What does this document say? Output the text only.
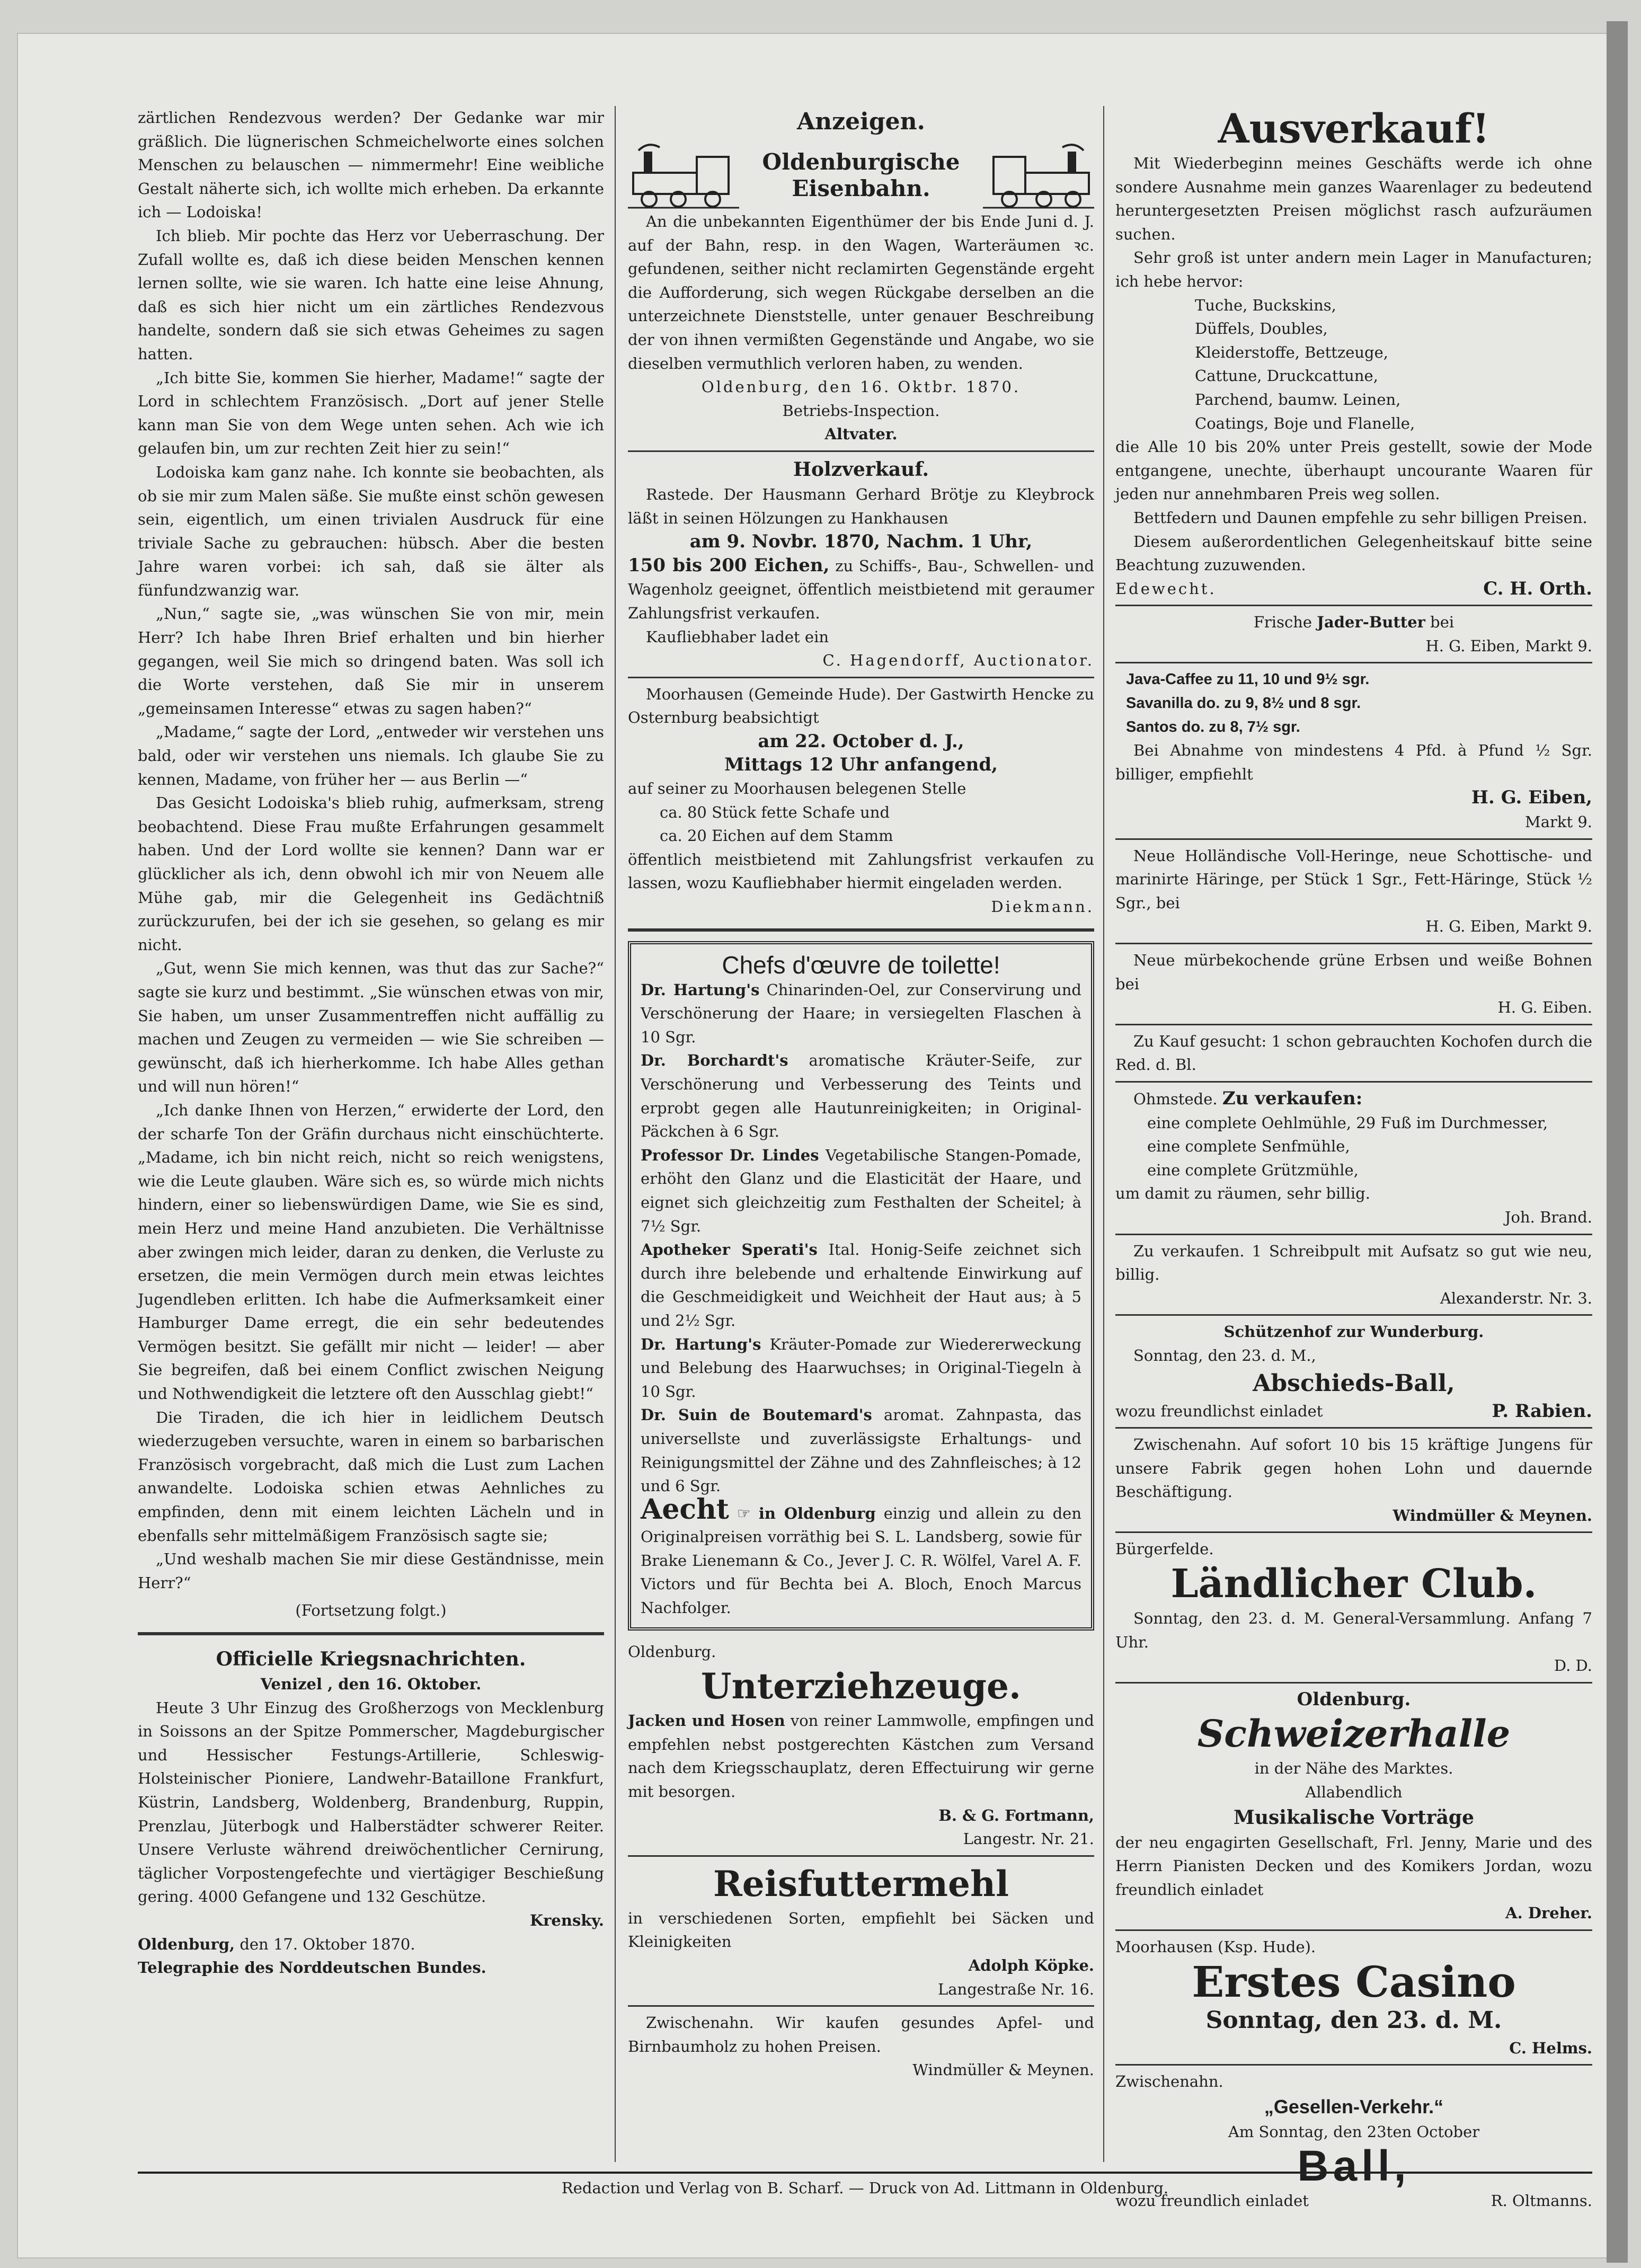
zärtlichen Rendezvous werden? Der Gedanke war mir gräßlich. Die lügnerischen Schmeichelworte eines solchen Menschen zu belauschen — nimmermehr! Eine weibliche Gestalt näherte sich, ich wollte mich erheben. Da erkannte ich — Lodoiska!

Ich blieb. Mir pochte das Herz vor Ueberraschung. Der Zufall wollte es, daß ich diese beiden Menschen kennen lernen sollte, wie sie waren. Ich hatte eine leise Ahnung, daß es sich hier nicht um ein zärtliches Rendezvous handelte, sondern daß sie sich etwas Geheimes zu sagen hatten.

„Ich bitte Sie, kommen Sie hierher, Madame!“ sagte der Lord in schlechtem Französisch. „Dort auf jener Stelle kann man Sie von dem Wege unten sehen. Ach wie ich gelaufen bin, um zur rechten Zeit hier zu sein!“

Lodoiska kam ganz nahe. Ich konnte sie beobachten, als ob sie mir zum Malen säße. Sie mußte einst schön gewesen sein, eigentlich, um einen trivialen Ausdruck für eine triviale Sache zu gebrauchen: hübsch. Aber die besten Jahre waren vorbei: ich sah, daß sie älter als fünfundzwanzig war.

„Nun,“ sagte sie, „was wünschen Sie von mir, mein Herr? Ich habe Ihren Brief erhalten und bin hierher gegangen, weil Sie mich so dringend baten. Was soll ich die Worte verstehen, daß Sie mir in unserem „gemeinsamen Interesse“ etwas zu sagen haben?“

„Madame,“ sagte der Lord, „entweder wir verstehen uns bald, oder wir verstehen uns niemals. Ich glaube Sie zu kennen, Madame, von früher her — aus Berlin —“

Das Gesicht Lodoiska's blieb ruhig, aufmerksam, streng beobachtend. Diese Frau mußte Erfahrungen gesammelt haben. Und der Lord wollte sie kennen? Dann war er glücklicher als ich, denn obwohl ich mir von Neuem alle Mühe gab, mir die Gelegenheit ins Gedächtniß zurückzurufen, bei der ich sie gesehen, so gelang es mir nicht.

„Gut, wenn Sie mich kennen, was thut das zur Sache?“ sagte sie kurz und bestimmt. „Sie wünschen etwas von mir, Sie haben, um unser Zusammentreffen nicht auffällig zu machen und Zeugen zu vermeiden — wie Sie schreiben — gewünscht, daß ich hierherkomme. Ich habe Alles gethan und will nun hören!“

„Ich danke Ihnen von Herzen,“ erwiderte der Lord, den der scharfe Ton der Gräfin durchaus nicht einschüchterte. „Madame, ich bin nicht reich, nicht so reich wenigstens, wie die Leute glauben. Wäre sich es, so würde mich nichts hindern, einer so liebenswürdigen Dame, wie Sie es sind, mein Herz und meine Hand anzubieten. Die Verhältnisse aber zwingen mich leider, daran zu denken, die Verluste zu ersetzen, die mein Vermögen durch mein etwas leichtes Jugendleben erlitten. Ich habe die Aufmerksamkeit einer Hamburger Dame erregt, die ein sehr bedeutendes Vermögen besitzt. Sie gefällt mir nicht — leider! — aber Sie begreifen, daß bei einem Conflict zwischen Neigung und Nothwendigkeit die letztere oft den Ausschlag giebt!“

Die Tiraden, die ich hier in leidlichem Deutsch wiederzugeben versuchte, waren in einem so barbarischen Französisch vorgebracht, daß mich die Lust zum Lachen anwandelte. Lodoiska schien etwas Aehnliches zu empfinden, denn mit einem leichten Lächeln und in ebenfalls sehr mittelmäßigem Französisch sagte sie;

„Und weshalb machen Sie mir diese Geständnisse, mein Herr?“

(Fortsetzung folgt.)

Officielle Kriegsnachrichten.

Venizel , den 16. Oktober.

Heute 3 Uhr Einzug des Großherzogs von Mecklenburg in Soissons an der Spitze Pommerscher, Magdeburgischer und Hessischer Festungs-Artillerie, Schleswig-Holsteinischer Pioniere, Landwehr-Bataillone Frankfurt, Küstrin, Landsberg, Woldenberg, Brandenburg, Ruppin, Prenzlau, Jüterbogk und Halberstädter schwerer Reiter. Unsere Verluste während dreiwöchentlicher Cernirung, täglicher Vorpostengefechte und viertägiger Beschießung gering. 4000 Gefangene und 132 Geschütze.

Krensky.

Oldenburg, den 17. Oktober 1870.

Telegraphie des Norddeutschen Bundes.

Anzeigen.

Oldenburgische

Eisenbahn.

An die unbekannten Eigenthümer der bis Ende Juni d. J. auf der Bahn, resp. in den Wagen, Warteräumen ꝛc. gefundenen, seither nicht reclamirten Gegenstände ergeht die Aufforderung, sich wegen Rückgabe derselben an die unterzeichnete Dienststelle, unter genauer Beschreibung der von ihnen vermißten Gegenstände und Angabe, wo sie dieselben vermuthlich verloren haben, zu wenden.

Oldenburg, den 16. Oktbr. 1870.

Betriebs-Inspection.

Altvater.

Holzverkauf.

Rastede. Der Hausmann Gerhard Brötje zu Kleybrock läßt in seinen Hölzungen zu Hankhausen

am 9. Novbr. 1870, Nachm. 1 Uhr,

150 bis 200 Eichen, zu Schiffs-, Bau-, Schwellen- und Wagenholz geeignet, öffentlich meistbietend mit geraumer Zahlungsfrist verkaufen.

Kaufliebhaber ladet ein

C. Hagendorff, Auctionator.

Moorhausen (Gemeinde Hude). Der Gastwirth Hencke zu Osternburg beabsichtigt

am 22. October d. J.,

Mittags 12 Uhr anfangend,

auf seiner zu Moorhausen belegenen Stelle

ca. 80 Stück fette Schafe und

ca. 20 Eichen auf dem Stamm

öffentlich meistbietend mit Zahlungsfrist verkaufen zu lassen, wozu Kaufliebhaber hiermit eingeladen werden.

Diekmann.

Chefs d'œuvre de toilette!

Dr. Hartung's Chinarinden-Oel, zur Conservirung und Verschönerung der Haare; in versiegelten Flaschen à 10 Sgr.

Dr. Borchardt's aromatische Kräuter-Seife, zur Verschönerung und Verbesserung des Teints und erprobt gegen alle Hautunreinigkeiten; in Original-Päckchen à 6 Sgr.

Professor Dr. Lindes Vegetabilische Stangen-Pomade, erhöht den Glanz und die Elasticität der Haare, und eignet sich gleichzeitig zum Festhalten der Scheitel; à 7½ Sgr.

Apotheker Sperati's Ital. Honig-Seife zeichnet sich durch ihre belebende und erhaltende Einwirkung auf die Geschmeidigkeit und Weichheit der Haut aus; à 5 und 2½ Sgr.

Dr. Hartung's Kräuter-Pomade zur Wiedererweckung und Belebung des Haarwuchses; in Original-Tiegeln à 10 Sgr.

Dr. Suin de Boutemard's aromat. Zahnpasta, das universellste und zuverlässigste Erhaltungs- und Reinigungsmittel der Zähne und des Zahnfleisches; à 12 und 6 Sgr.

Aecht ☞ in Oldenburg einzig und allein zu den Originalpreisen vorräthig bei S. L. Landsberg, sowie für Brake Lienemann & Co., Jever J. C. R. Wölfel, Varel A. F. Victors und für Bechta bei A. Bloch, Enoch Marcus Nachfolger.

Oldenburg.

Unterziehzeuge.

Jacken und Hosen von reiner Lammwolle, empfingen und empfehlen nebst postgerechten Kästchen zum Versand nach dem Kriegsschauplatz, deren Effectuirung wir gerne mit besorgen.

B. & G. Fortmann,

Langestr. Nr. 21.

Reisfuttermehl

in verschiedenen Sorten, empfiehlt bei Säcken und Kleinigkeiten

Adolph Köpke.

Langestraße Nr. 16.

Zwischenahn. Wir kaufen gesundes Apfel- und Birnbaumholz zu hohen Preisen.

Windmüller & Meynen.

Ausverkauf!

Mit Wiederbeginn meines Geschäfts werde ich ohne sondere Ausnahme mein ganzes Waarenlager zu bedeutend heruntergesetzten Preisen möglichst rasch aufzuräumen suchen.

Sehr groß ist unter andern mein Lager in Manufacturen; ich hebe hervor:

Tuche, Buckskins,

Düffels, Doubles,

Kleiderstoffe, Bettzeuge,

Cattune, Druckcattune,

Parchend, baumw. Leinen,

Coatings, Boje und Flanelle,

die Alle 10 bis 20% unter Preis gestellt, sowie der Mode entgangene, unechte, überhaupt uncourante Waaren für jeden nur annehmbaren Preis weg sollen.

Bettfedern und Daunen empfehle zu sehr billigen Preisen.

Diesem außerordentlichen Gelegenheitskauf bitte seine Beachtung zuzuwenden.

Edewecht.	C. H. Orth.

Frische Jader-Butter bei

H. G. Eiben, Markt 9.

Java-Caffee zu 11, 10 und 9½ sgr.

Savanilla do. zu 9, 8½ und 8 sgr.

Santos do. zu 8, 7½ sgr.

Bei Abnahme von mindestens 4 Pfd. à Pfund ½ Sgr. billiger, empfiehlt

H. G. Eiben,

Markt 9.

Neue Holländische Voll-Heringe, neue Schottische- und marinirte Häringe, per Stück 1 Sgr., Fett-Häringe, Stück ½ Sgr., bei

H. G. Eiben, Markt 9.

Neue mürbekochende grüne Erbsen und weiße Bohnen bei

H. G. Eiben.

Zu Kauf gesucht: 1 schon gebrauchten Kochofen durch die Red. d. Bl.

Ohmstede. Zu verkaufen:

eine complete Oehlmühle, 29 Fuß im Durchmesser,

eine complete Senfmühle,

eine complete Grützmühle,

um damit zu räumen, sehr billig.

Joh. Brand.

Zu verkaufen. 1 Schreibpult mit Aufsatz so gut wie neu, billig.

Alexanderstr. Nr. 3.

Schützenhof zur Wunderburg.

Sonntag, den 23. d. M.,

Abschieds-Ball,

wozu freundlichst einladet	P. Rabien.

Zwischenahn. Auf sofort 10 bis 15 kräftige Jungens für unsere Fabrik gegen hohen Lohn und dauernde Beschäftigung.

Windmüller & Meynen.

Bürgerfelde.

Ländlicher Club.

Sonntag, den 23. d. M. General-Versammlung. Anfang 7 Uhr.

D. D.

Oldenburg.

Schweizerhalle

in der Nähe des Marktes.

Allabendlich

Musikalische Vorträge

der neu engagirten Gesellschaft, Frl. Jenny, Marie und des Herrn Pianisten Decken und des Komikers Jordan, wozu freundlich einladet

A. Dreher.

Moorhausen (Ksp. Hude).

Erstes Casino

Sonntag, den 23. d. M.

C. Helms.

Zwischenahn.

„Gesellen-Verkehr.“

Am Sonntag, den 23ten October

Ball,

wozu freundlich einladet	R. Oltmanns.

Redaction und Verlag von B. Scharf. — Druck von Ad. Littmann in Oldenburg.
